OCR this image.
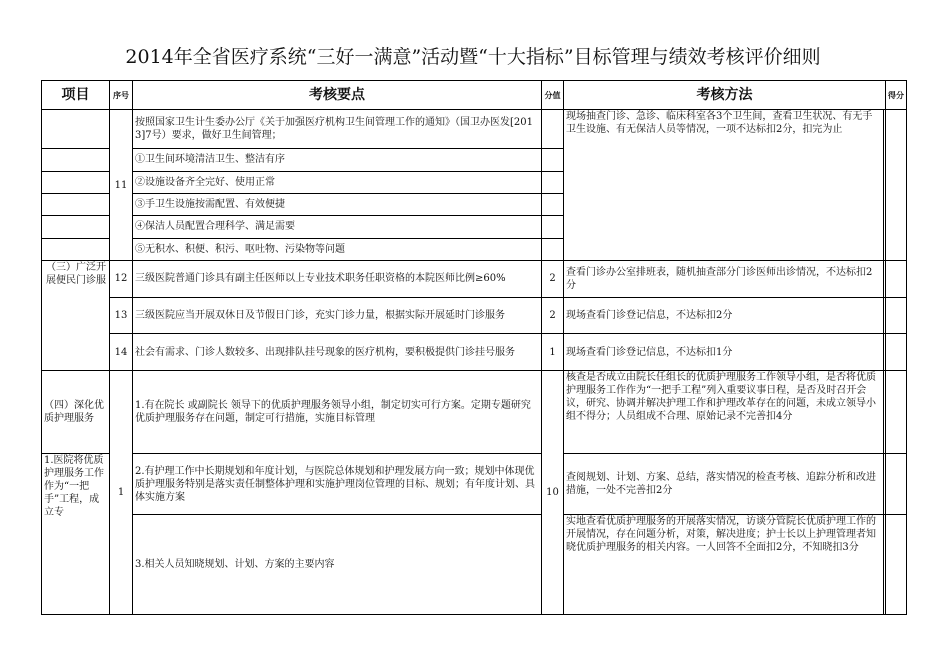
2014年全省医疗系统“三好一满意”活动暨“十大指标”目标管理与绩效考核评价细则
项目	序号	考核要点	分值	考核方法		得分
	11	按照国家卫生计生委办公厅《关于加强医疗机构卫生间管理工作的通知》（国卫办医发[2013]7号）要求，做好卫生间管理；		现场抽查门诊、急诊、临床科室各3个卫生间，查看卫生状况、有无手卫生设施、有无保洁人员等情况，一项不达标扣2分，扣完为止		
		①卫生间环境清洁卫生、整洁有序				
		②设施设备齐全完好、使用正常				
		③手卫生设施按需配置、有效便捷				
		④保洁人员配置合理科学、满足需要				
		⑤无积水、积便、积污、呕吐物、污染物等问题				
（三）广泛开展便民门诊服	12	三级医院普通门诊具有副主任医师以上专业技术职务任职资格的本院医师比例≥60%	2	查看门诊办公室排班表，随机抽查部分门诊医师出诊情况，不达标扣2分		
	13	三级医院应当开展双休日及节假日门诊，充实门诊力量，根据实际开展延时门诊服务	2	现场查看门诊登记信息，不达标扣2分		
	14	社会有需求、门诊人数较多、出现排队挂号现象的医疗机构，要积极提供门诊挂号服务	1	现场查看门诊登记信息，不达标扣1分		
（四）深化优质护理服务	1	1.有在院长 或副院长 领导下的优质护理服务领导小组，制定切实可行方案。定期专题研究优质护理服务存在问题，制定可行措施，实施目标管理	10	核查是否成立由院长任组长的优质护理服务工作领导小组，是否将优质护理服务工作作为“一把手工程”列入重要议事日程，是否及时召开会议，研究、协调并解决护理工作和护理改革存在的问题，未成立领导小组不得分；人员组成不合理、原始记录不完善扣4分		
1.医院将优质护理服务工作作为“一把手”工程，成立专		2.有护理工作中长期规划和年度计划，与医院总体规划和护理发展方向一致；规划中体现优质护理服务特别是落实责任制整体护理和实施护理岗位管理的目标、规划；有年度计划、具体实施方案		查阅规划、计划、方案、总结，落实情况的检查考核、追踪分析和改进措施，一处不完善扣2分		
		3.相关人员知晓规划、计划、方案的主要内容		实地查看优质护理服务的开展落实情况，访谈分管院长优质护理工作的开展情况，存在问题分析，对策，解决进度；护士长以上护理管理者知晓优质护理服务的相关内容。一人回答不全面扣2分，不知晓扣3分		
